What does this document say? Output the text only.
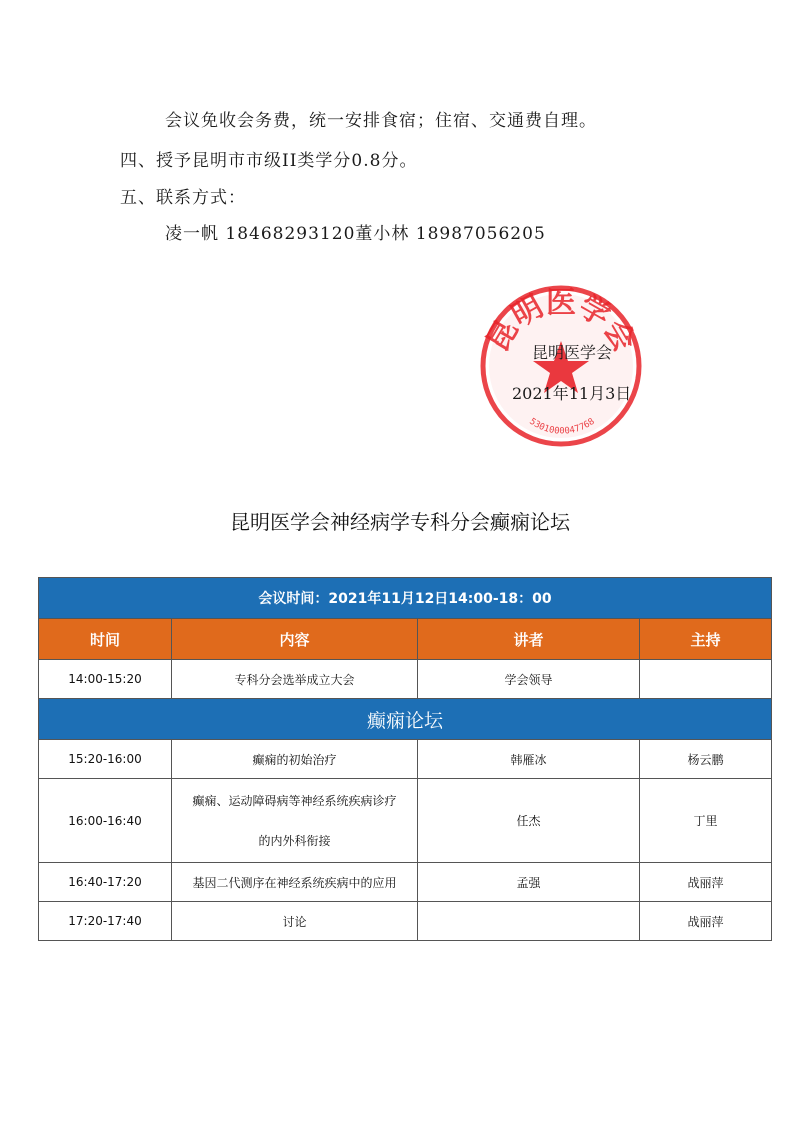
会议免收会务费，统一安排食宿；住宿、交通费自理。
四、授予昆明市市级II类学分0.8分。
五、联系方式：
凌一帆 18468293120董小林 18987056205
昆明医学会
5301000047768
昆明医学会
2021年11月3日
昆明医学会神经病学专科分会癫痫论坛
会议时间：2021年11月12日14:00-18：00			
时间	内容	讲者	主持
14:00-15:20	专科分会选举成立大会	学会领导	
癫痫论坛			
15:20-16:00	癫痫的初始治疗	韩雁冰	杨云鹏
16:00-16:40	癫痫、运动障碍病等神经系统疾病诊疗
的内外科衔接	任杰	丁里
16:40-17:20	基因二代测序在神经系统疾病中的应用	孟强	战丽萍
17:20-17:40	讨论		战丽萍
